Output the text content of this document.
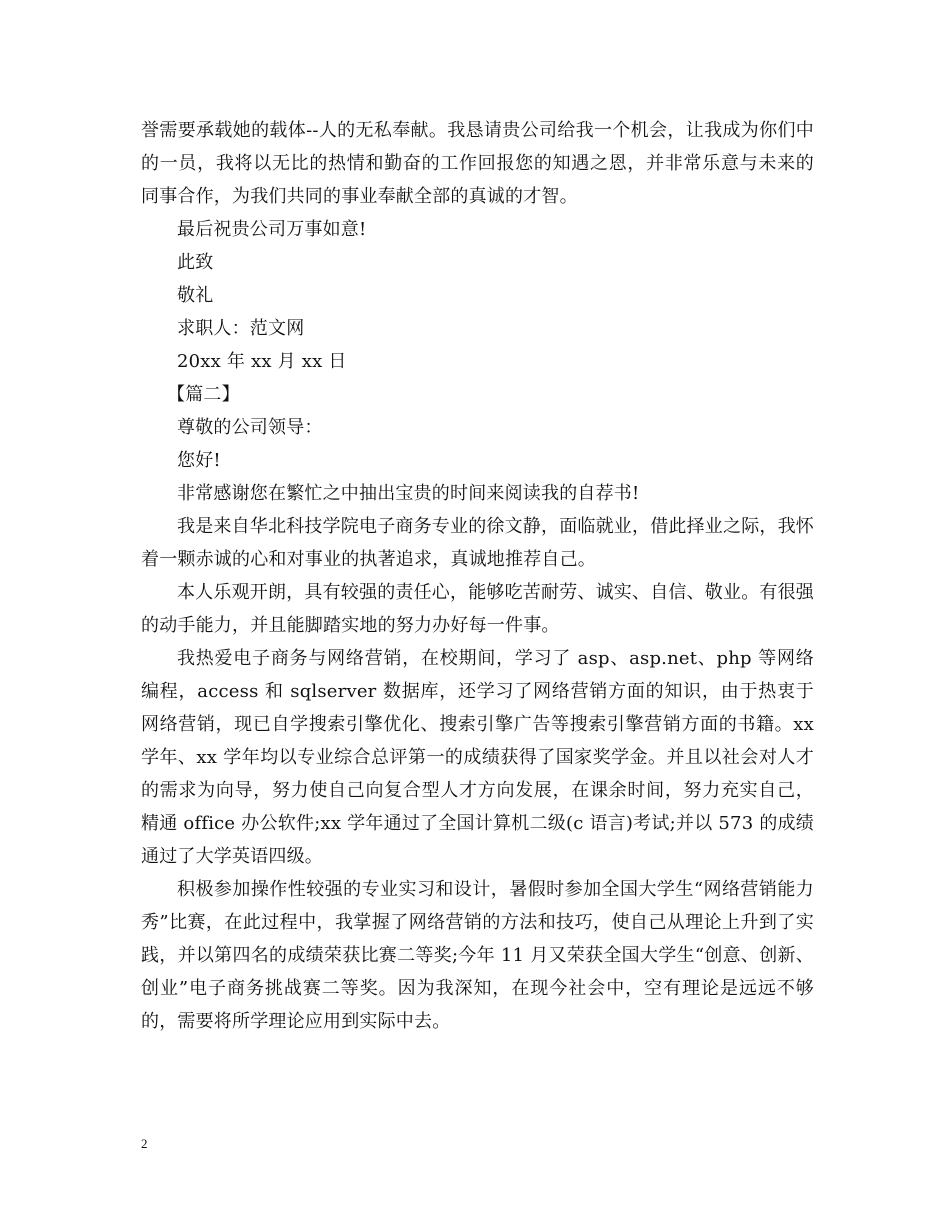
誉需要承载她的载体--人的无私奉献。我恳请贵公司给我一个机会，让我成为你们中的一员，我将以无比的热情和勤奋的工作回报您的知遇之恩，并非常乐意与未来的同事合作，为我们共同的事业奉献全部的真诚的才智。

最后祝贵公司万事如意!

此致

敬礼

求职人：范文网

20xx 年 xx 月 xx 日

【篇二】

尊敬的公司领导：

您好!

非常感谢您在繁忙之中抽出宝贵的时间来阅读我的自荐书!

我是来自华北科技学院电子商务专业的徐文静，面临就业，借此择业之际，我怀着一颗赤诚的心和对事业的执著追求，真诚地推荐自己。

本人乐观开朗，具有较强的责任心，能够吃苦耐劳、诚实、自信、敬业。有很强的动手能力，并且能脚踏实地的努力办好每一件事。

我热爱电子商务与网络营销，在校期间，学习了 asp、asp.net、php 等网络编程，access 和 sqlserver 数据库，还学习了网络营销方面的知识，由于热衷于网络营销，现已自学搜索引擎优化、搜索引擎广告等搜索引擎营销方面的书籍。xx 学年、xx 学年均以专业综合总评第一的成绩获得了国家奖学金。并且以社会对人才的需求为向导，努力使自己向复合型人才方向发展，在课余时间，努力充实自己，精通 office 办公软件;xx 学年通过了全国计算机二级(c 语言)考试;并以 573 的成绩通过了大学英语四级。

积极参加操作性较强的专业实习和设计，暑假时参加全国大学生“网络营销能力秀”比赛，在此过程中，我掌握了网络营销的方法和技巧，使自己从理论上升到了实践，并以第四名的成绩荣获比赛二等奖;今年 11 月又荣获全国大学生“创意、创新、创业”电子商务挑战赛二等奖。因为我深知，在现今社会中，空有理论是远远不够的，需要将所学理论应用到实际中去。

2
